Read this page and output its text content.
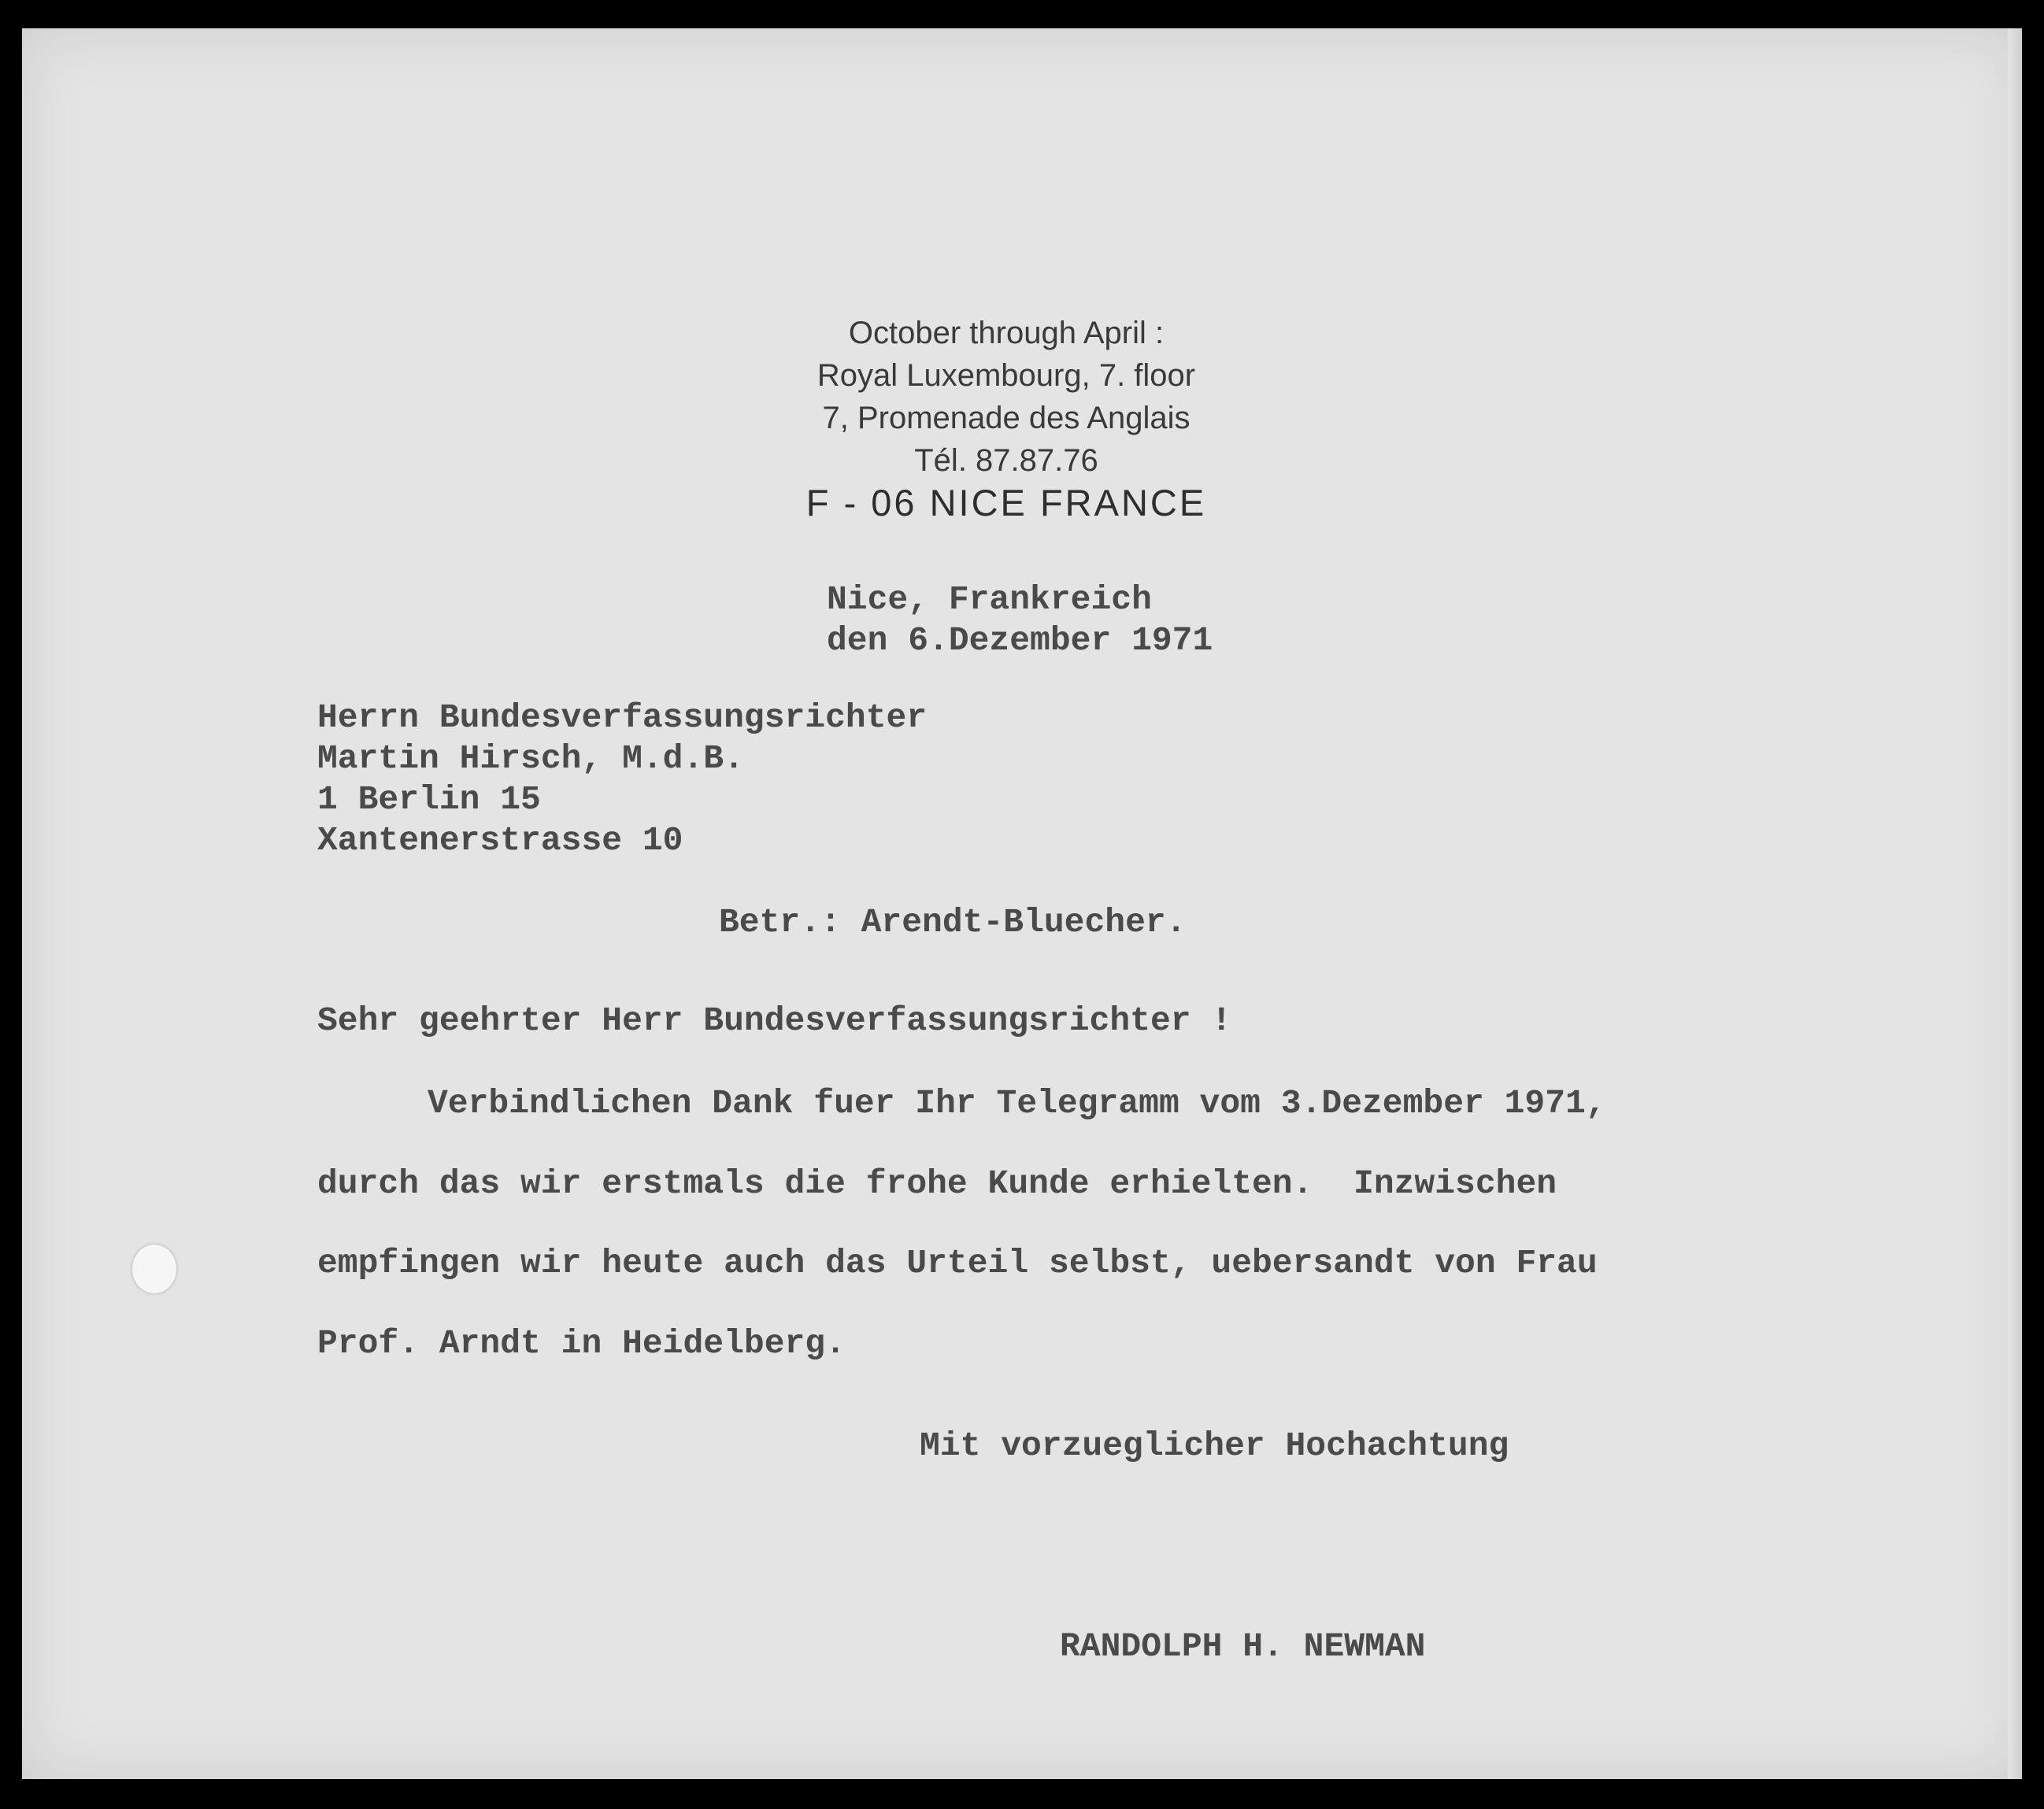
October through April :
Royal Luxembourg, 7. floor
7, Promenade des Anglais
Tél. 87.87.76
F - 06 NICE FRANCE
Nice, Frankreich
den 6.Dezember 1971
Herrn Bundesverfassungsrichter
Martin Hirsch, M.d.B.
1 Berlin 15
Xantenerstrasse 10
Betr.: Arendt-Bluecher.
Sehr geehrter Herr Bundesverfassungsrichter !
Verbindlichen Dank fuer Ihr Telegramm vom 3.Dezember 1971,
durch das wir erstmals die frohe Kunde erhielten.  Inzwischen
empfingen wir heute auch das Urteil selbst, uebersandt von Frau
Prof. Arndt in Heidelberg.
Mit vorzueglicher Hochachtung
RANDOLPH H. NEWMAN
